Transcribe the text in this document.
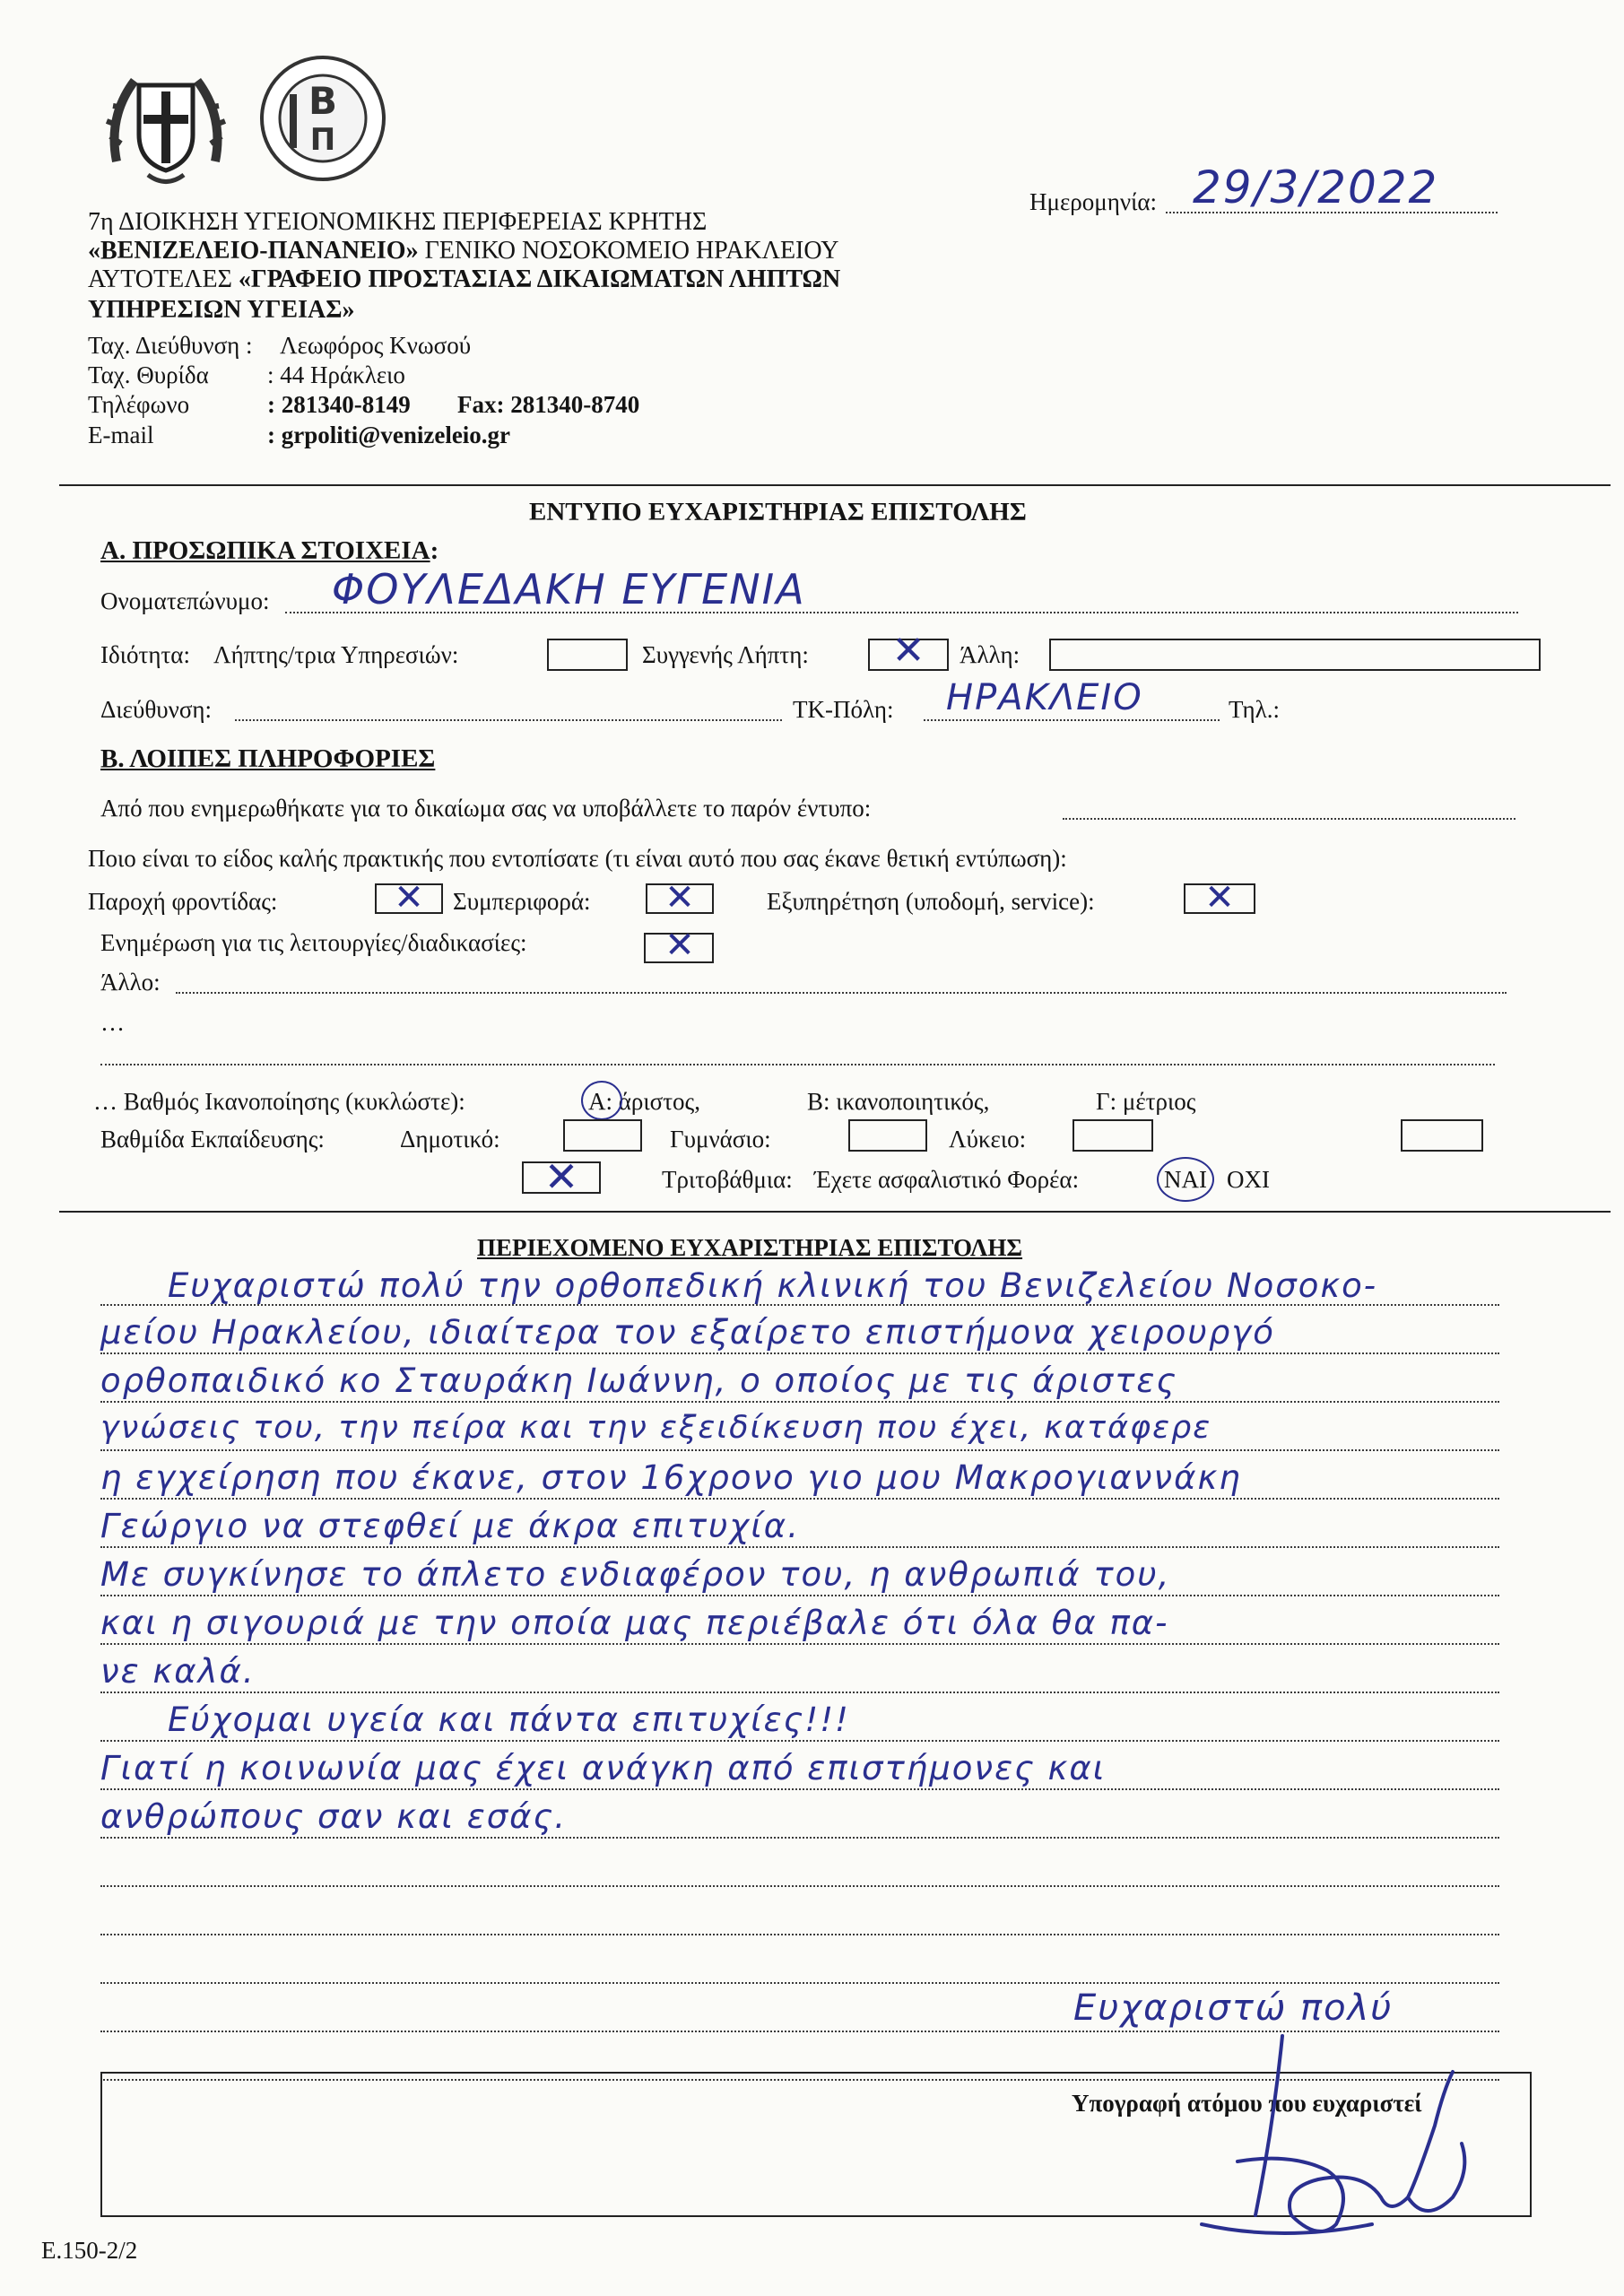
Β
Π
7η ΔΙΟΙΚΗΣΗ ΥΓΕΙΟΝΟΜΙΚΗΣ ΠΕΡΙΦΕΡΕΙΑΣ ΚΡΗΤΗΣ
«ΒΕΝΙΖΕΛΕΙΟ-ΠΑΝΑΝΕΙΟ» ΓΕΝΙΚΟ ΝΟΣΟΚΟΜΕΙΟ ΗΡΑΚΛΕΙΟΥ
ΑΥΤΟΤΕΛΕΣ «ΓΡΑΦΕΙΟ ΠΡΟΣΤΑΣΙΑΣ ΔΙΚΑΙΩΜΑΤΩΝ ΛΗΠΤΩΝ
ΥΠΗΡΕΣΙΩΝ ΥΓΕΙΑΣ»
Ταχ. Διεύθυνση : Λεωφόρος Κνωσού
Ταχ. Θυρίδα : 44 Ηράκλειο
Τηλέφωνο	: 281340-8149 Fax: 281340-8740
E-mail	: grpoliti@venizeleio.gr
Ημερομηνία: 29/3/2022
ΕΝΤΥΠΟ ΕΥΧΑΡΙΣΤΗΡΙΑΣ ΕΠΙΣΤΟΛΗΣ
Α. ΠΡΟΣΩΠΙΚΑ ΣΤΟΙΧΕΙΑ:
Ονοματεπώνυμο: ΦΟΥΛΕΔΑΚΗ ΕΥΓΕΝΙΑ
Ιδιότητα: Λήπτης/τρια Υπηρεσιών:	Συγγενής Λήπτη:	✕	Άλλη:
Διεύθυνση:	ΤΚ-Πόλη: ΗΡΑΚΛΕΙΟ	Τηλ.:
Β. ΛΟΙΠΕΣ ΠΛΗΡΟΦΟΡΙΕΣ
Από που ενημερωθήκατε για το δικαίωμα σας να υποβάλλετε το παρόν έντυπο:
Ποιο είναι το είδος καλής πρακτικής που εντοπίσατε (τι είναι αυτό που σας έκανε θετική εντύπωση):
Παροχή φροντίδας:	✕	Συμπεριφορά:	✕	Εξυπηρέτηση (υποδομή, service):	✕
Ενημέρωση για τις λειτουργίες/διαδικασίες:	✕
Άλλο:
…
… Βαθμός Ικανοποίησης (κυκλώστε):	Α: άριστος,	Β: ικανοποιητικός,	Γ: μέτριος
Βαθμίδα Εκπαίδευσης:	Δημοτικό:	Γυμνάσιο:	Λύκειο:
✕	Τριτοβάθμια: Έχετε ασφαλιστικό Φορέα:	ΝΑΙ ΟΧΙ
ΠΕΡΙΕΧΟΜΕΝΟ ΕΥΧΑΡΙΣΤΗΡΙΑΣ ΕΠΙΣΤΟΛΗΣ
Ευχαριστώ πολύ την ορθοπεδική κλινική του Βενιζελείου Νοσοκο-
μείου Ηρακλείου, ιδιαίτερα τον εξαίρετο επιστήμονα χειρουργό
ορθοπαιδικό κο Σταυράκη Ιωάννη, ο οποίος με τις άριστες
γνώσεις του, την πείρα και την εξειδίκευση που έχει, κατάφερε
η εγχείρηση που έκανε, στον 16χρονο γιο μου Μακρογιαννάκη
Γεώργιο να στεφθεί με άκρα επιτυχία.
Με συγκίνησε το άπλετο ενδιαφέρον του, η ανθρωπιά του,
και η σιγουριά με την οποία μας περιέβαλε ότι όλα θα πα-
νε καλά.
Εύχομαι υγεία και πάντα επιτυχίες!!!
Γιατί η κοινωνία μας έχει ανάγκη από επιστήμονες και
ανθρώπους σαν και εσάς.
Ευχαριστώ πολύ
Υπογραφή ατόμου που ευχαριστεί
Ε.150-2/2
